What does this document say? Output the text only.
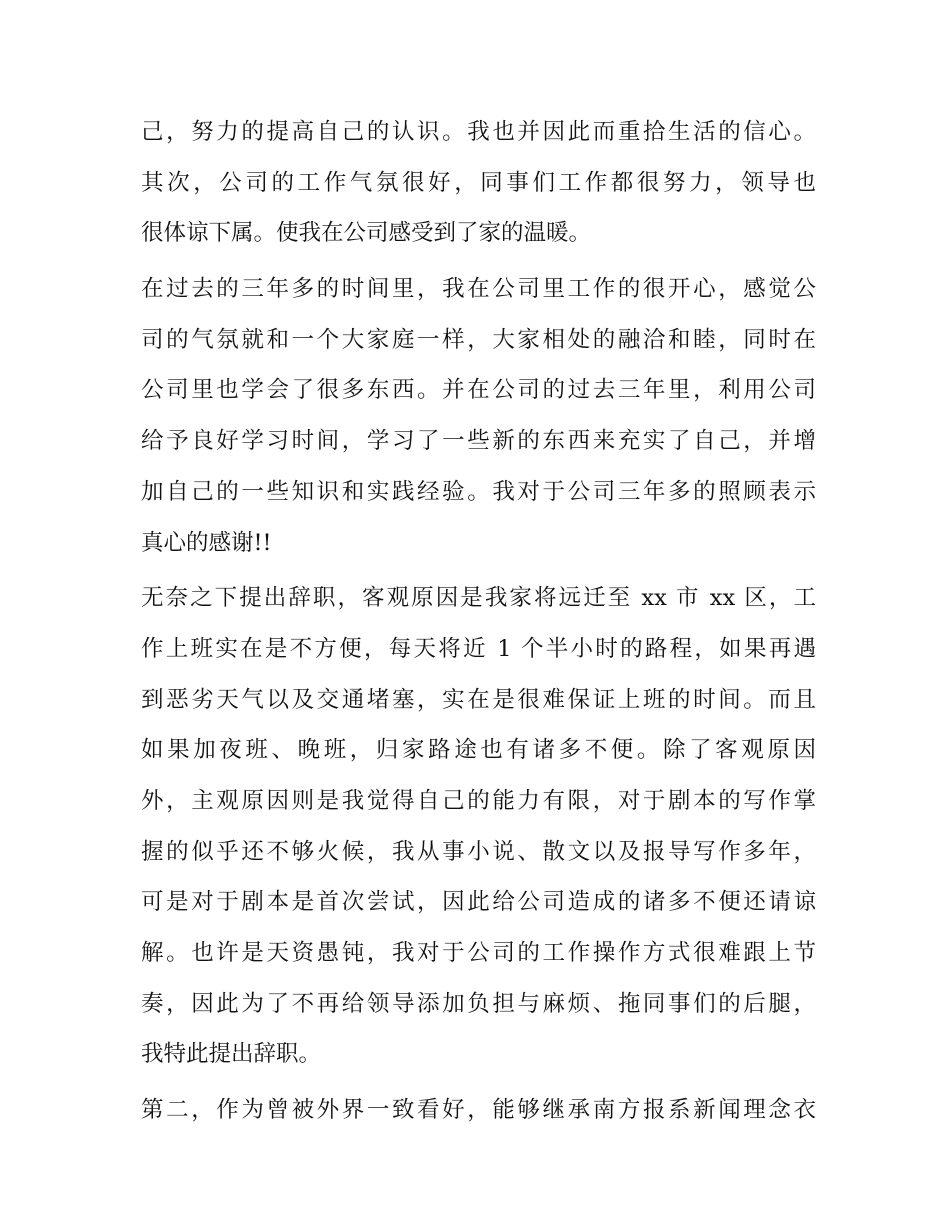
己，努力的提高自己的认识。我也并因此而重拾生活的信心。
其次，公司的工作气氛很好，同事们工作都很努力，领导也
很体谅下属。使我在公司感受到了家的温暖。
在过去的三年多的时间里，我在公司里工作的很开心，感觉公
司的气氛就和一个大家庭一样，大家相处的融洽和睦，同时在
公司里也学会了很多东西。并在公司的过去三年里，利用公司
给予良好学习时间，学习了一些新的东西来充实了自己，并增
加自己的一些知识和实践经验。我对于公司三年多的照顾表示
真心的感谢!!
无奈之下提出辞职，客观原因是我家将远迁至 xx 市 xx 区，工
作上班实在是不方便，每天将近 1 个半小时的路程，如果再遇
到恶劣天气以及交通堵塞，实在是很难保证上班的时间。而且
如果加夜班、晚班，归家路途也有诸多不便。除了客观原因
外，主观原因则是我觉得自己的能力有限，对于剧本的写作掌
握的似乎还不够火候，我从事小说、散文以及报导写作多年，
可是对于剧本是首次尝试，因此给公司造成的诸多不便还请谅
解。也许是天资愚钝，我对于公司的工作操作方式很难跟上节
奏，因此为了不再给领导添加负担与麻烦、拖同事们的后腿，
我特此提出辞职。
第二，作为曾被外界一致看好，能够继承南方报系新闻理念衣
